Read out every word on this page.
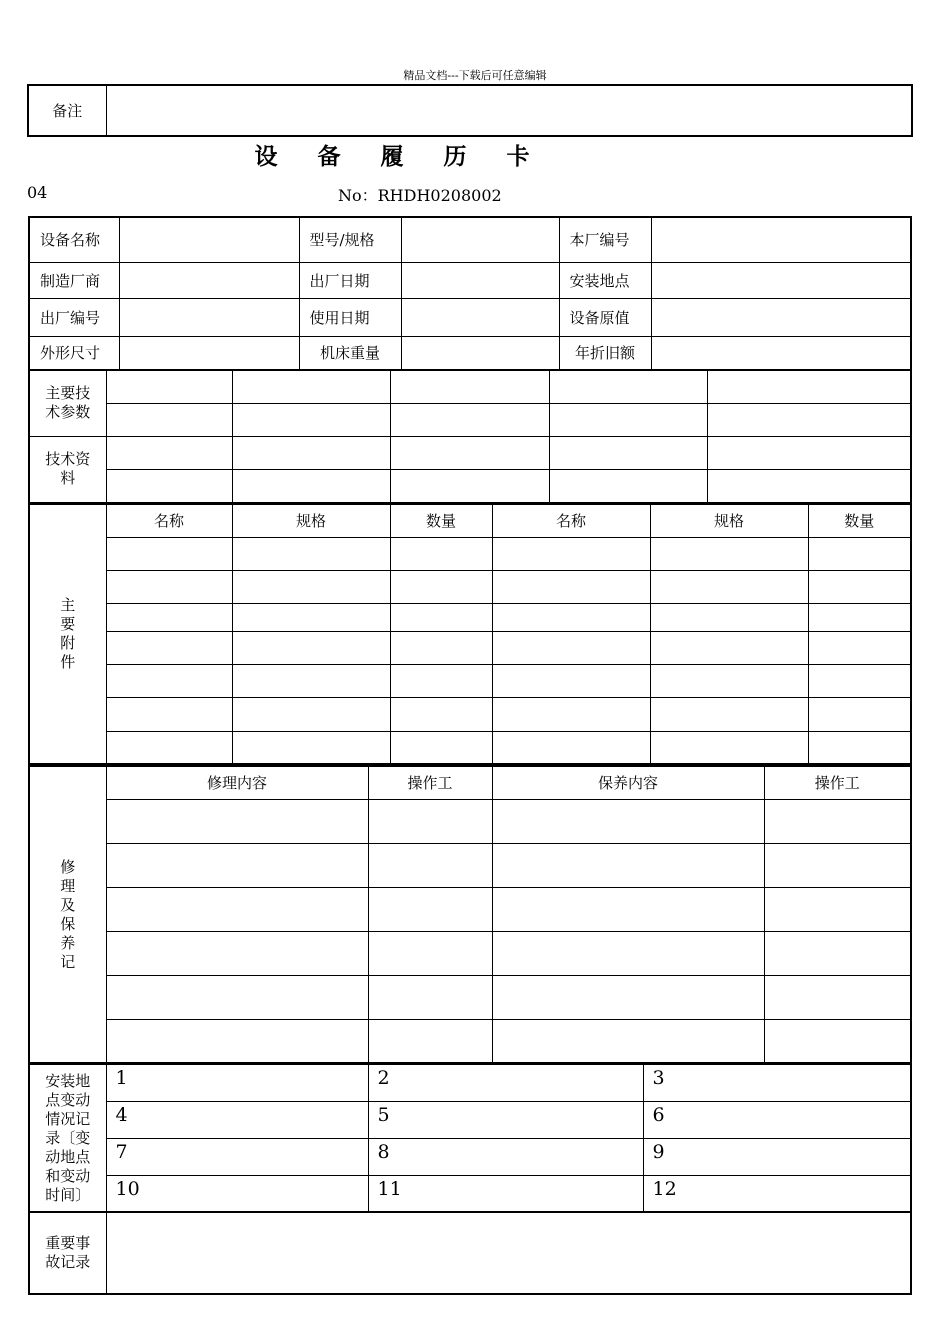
精品文档---下载后可任意编辑
备注	
设 备 履 历 卡
04	No：RHDH0208002
设备名称		型号/规格		本厂编号	
制造厂商		出厂日期		安装地点	
出厂编号		使用日期		设备原值	
外形尺寸		机床重量		年折旧额	
主要技术参数					

技术资料					

主要附件	名称	规格	数量	名称	规格	数量

修理及保养记	修理内容	操作工	保养内容	操作工

安装地点变动情况记录〔变动地点和变动时间〕	1	2	3
	4	5	6
	7	8	9
	10	11	12
重要事故记录
